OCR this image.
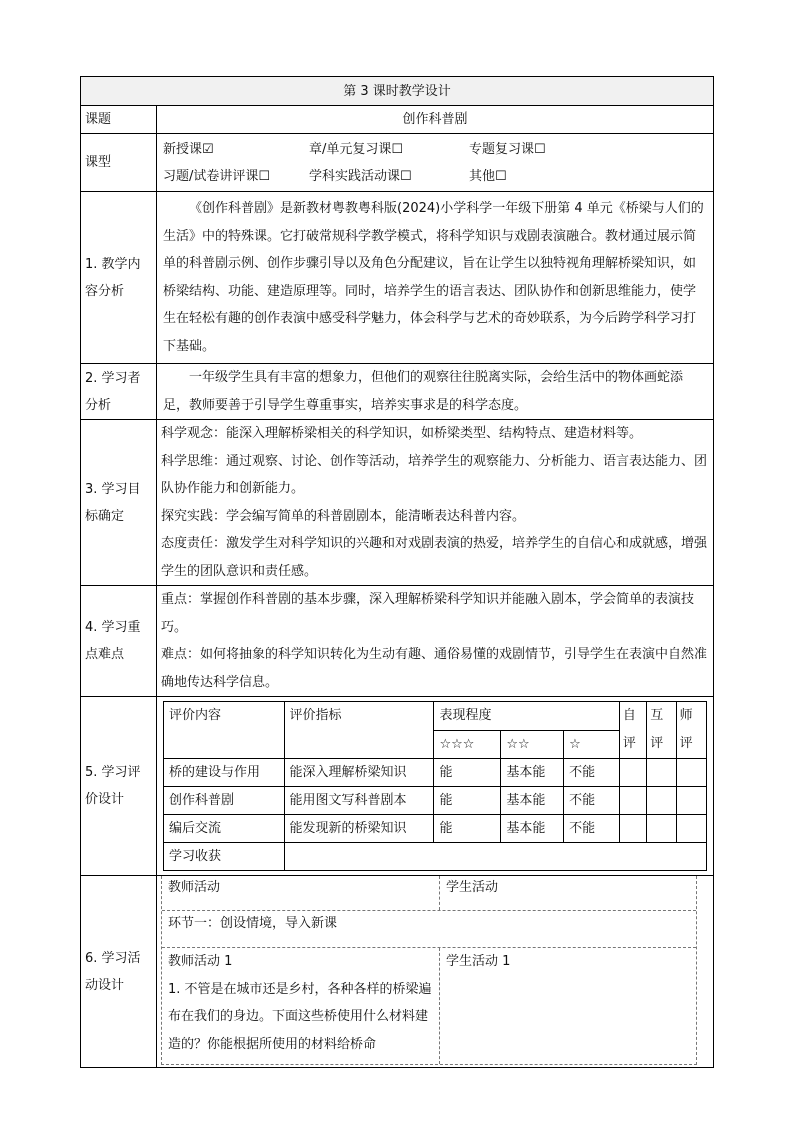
第 3 课时教学设计
课题	创作科普剧
课型	
新授课☑	章/单元复习课☐	专题复习课☐
习题/试卷讲评课☐	学科实践活动课☐	其他☐

1. 教学内容分析	
《创作科普剧》是新教材粤教粤科版(2024)小学科学一年级下册第 4 单元《桥梁与人们的生活》中的特殊课。它打破常规科学教学模式，将科学知识与戏剧表演融合。教材通过展示简单的科普剧示例、创作步骤引导以及角色分配建议，旨在让学生以独特视角理解桥梁知识，如桥梁结构、功能、建造原理等。同时，培养学生的语言表达、团队协作和创新思维能力，使学生在轻松有趣的创作表演中感受科学魅力，体会科学与艺术的奇妙联系，为今后跨学科学习打下基础。

2. 学习者分析	
一年级学生具有丰富的想象力，但他们的观察往往脱离实际，会给生活中的物体画蛇添足，教师要善于引导学生尊重事实，培养实事求是的科学态度。

3. 学习目标确定	
科学观念：能深入理解桥梁相关的科学知识，如桥梁类型、结构特点、建造材料等。
科学思维：通过观察、讨论、创作等活动，培养学生的观察能力、分析能力、语言表达能力、团队协作能力和创新能力。
探究实践：学会编写简单的科普剧剧本，能清晰表达科普内容。
态度责任：激发学生对科学知识的兴趣和对戏剧表演的热爱，培养学生的自信心和成就感，增强学生的团队意识和责任感。

4. 学习重点难点	
重点：掌握创作科普剧的基本步骤，深入理解桥梁科学知识并能融入剧本，学会简单的表演技巧。
难点：如何将抽象的科学知识转化为生动有趣、通俗易懂的戏剧情节，引导学生在表演中自然准确地传达科学信息。

5. 学习评价设计	
评价内容	评价指标	表现程度	自评	互评	师评
☆☆☆	☆☆	☆
桥的建设与作用	能深入理解桥梁知识	能	基本能	不能			
创作科普剧	能用图文写科普剧本	能	基本能	不能			
编后交流	能发现新的桥梁知识	能	基本能	不能			
学习收获	

6. 学习活动设计	
教师活动	学生活动
环节一：创设情境，导入新课
教师活动 1
1. 不管是在城市还是乡村，各种各样的桥梁遍布在我们的身边。下面这些桥使用什么材料建造的？你能根据所使用的材料给桥命
学生活动 1
